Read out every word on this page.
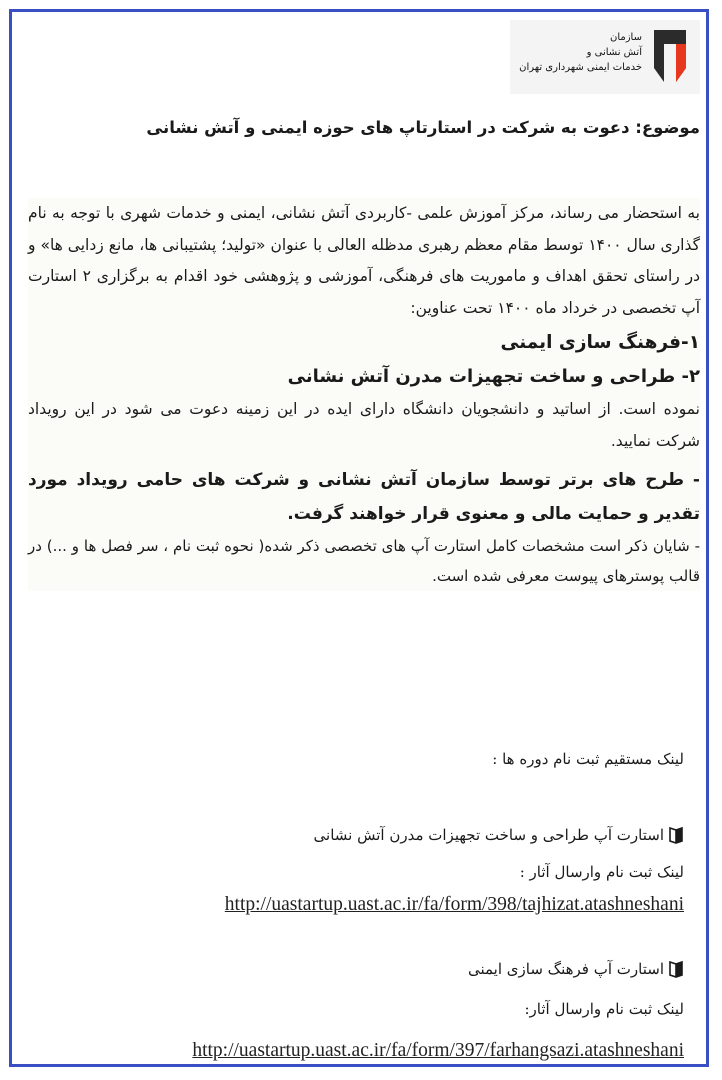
سازمان
آتش نشانی و
خدمات ایمنی شهرداری تهران
موضوع: دعوت به شرکت در استارتاپ های حوزه ایمنی و آتش نشانی

به استحضار می رساند، مرکز آموزش علمی -کاربردی آتش نشانی، ایمنی و خدمات شهری با توجه به نام گذاری سال ۱۴۰۰ توسط مقام معظم رهبری مدظله العالی با عنوان «تولید؛ پشتیبانی ها، مانع زدایی ها» و در راستای تحقق اهداف و ماموریت های فرهنگی، آموزشی و پژوهشی خود اقدام به برگزاری ۲ استارت آپ تخصصی در خرداد ماه ۱۴۰۰ تحت عناوین:

۱-فرهنگ سازی ایمنی
۲- طراحی و ساخت تجهیزات مدرن آتش نشانی

نموده است. از اساتید و دانشجویان دانشگاه دارای ایده در این زمینه دعوت می شود در این رویداد شرکت نمایید.

- طرح های برتر توسط سازمان آتش نشانی و شرکت های حامی رویداد مورد تقدیر و حمایت مالی و معنوی قرار خواهند گرفت.

- شایان ذکر است مشخصات کامل استارت آپ های تخصصی ذکر شده( نحوه ثبت نام ، سر فصل ها و ...) در قالب پوسترهای پیوست معرفی شده است.

لینک مستقیم ثبت نام دوره ها :
استارت آپ طراحی و ساخت تجهیزات مدرن آتش نشانی
لینک ثبت نام وارسال آثار :
http://uastartup.uast.ac.ir/fa/form/398/tajhizat.atashneshani
استارت آپ فرهنگ سازی ایمنی
لینک ثبت نام وارسال آثار:
http://uastartup.uast.ac.ir/fa/form/397/farhangsazi.atashneshani
